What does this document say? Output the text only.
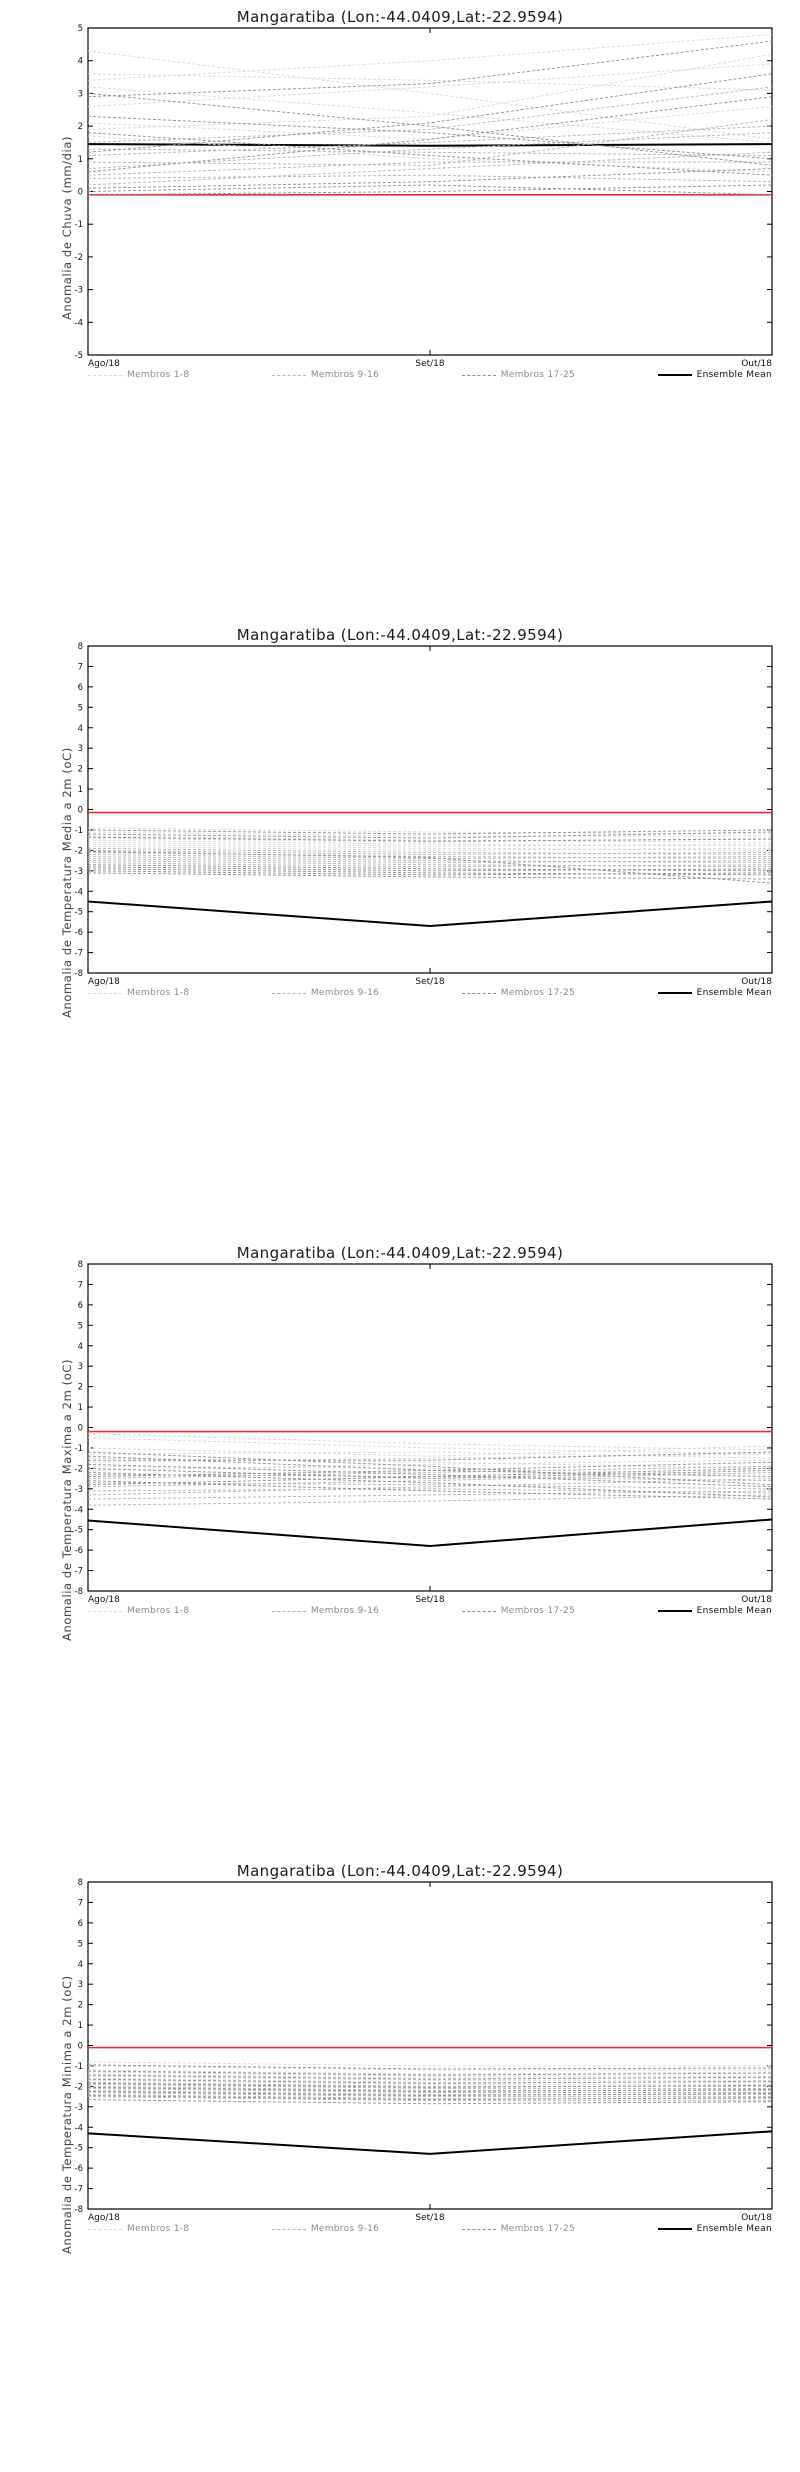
Mangaratiba (Lon:-44.0409,Lat:-22.9594)
-5
-4
-3
-2
-1
0
1
2
3
4
5
Ago/18	Set/18	Out/18
Anomalia de Chuva (mm/dia)
Membros 1-8	Membros 9-16	Membros 17-25	Ensemble Mean
Mangaratiba (Lon:-44.0409,Lat:-22.9594)
-8
-7
-6
-5
-4
-3
-2
-1
0
1
2
3
4
5
6
7
8
Ago/18	Set/18	Out/18
Anomalia de Temperatura Media a 2m (oC)	Membros 1-8	Membros 9-16	Membros 17-25	Ensemble Mean
Mangaratiba (Lon:-44.0409,Lat:-22.9594)
-8
-7
-6
-5
-4
-3
-2
-1
0
1
2
3
4
5
6
7
8
Ago/18	Set/18	Out/18
Anomalia de Temperatura Maxima a 2m (oC)	Membros 1-8	Membros 9-16	Membros 17-25	Ensemble Mean
Mangaratiba (Lon:-44.0409,Lat:-22.9594)
-8
-7
-6
-5
-4
-3
-2
-1
0
1
2
3
4
5
6
7
8
Ago/18	Set/18	Out/18
Anomalia de Temperatura Minima a 2m (oC)	Membros 1-8	Membros 9-16	Membros 17-25	Ensemble Mean
